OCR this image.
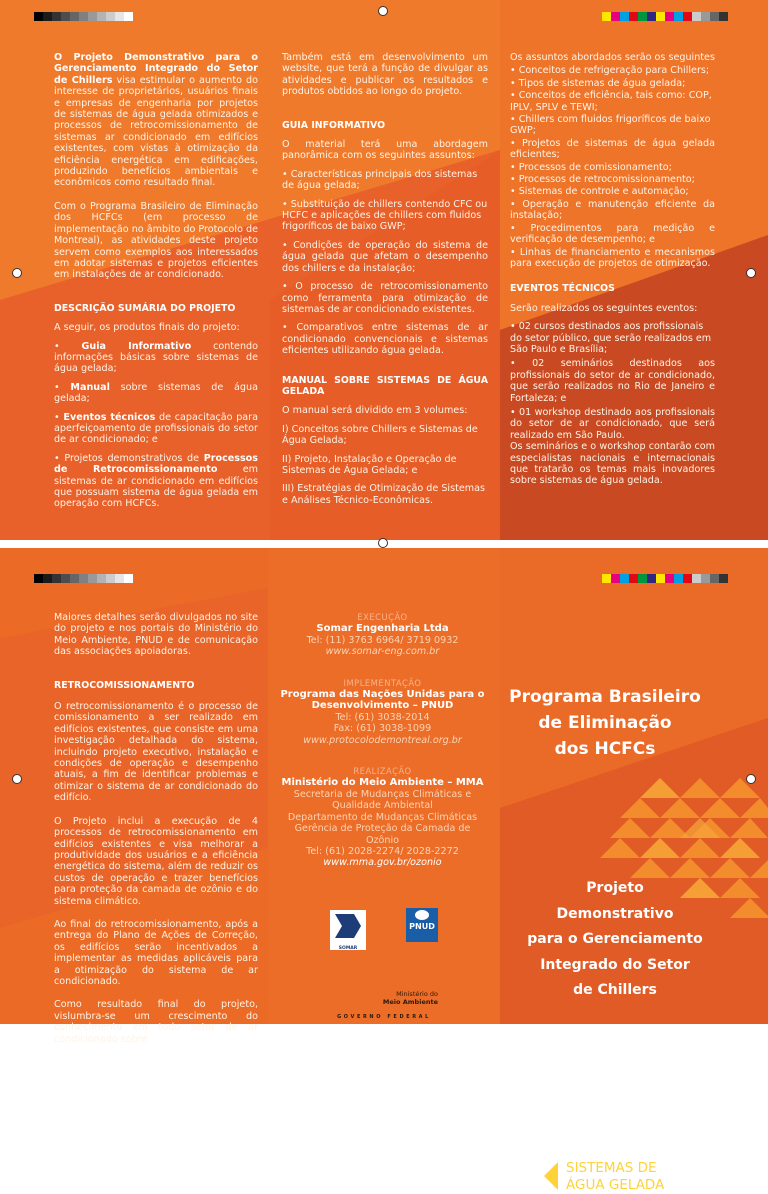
O Projeto Demonstrativo para o Gerenciamento Integrado do Setor de Chillers visa estimular o aumento do interesse de proprietários, usuários finais e empresas de engenharia por projetos de sistemas de água gelada otimizados e processos de retrocomissionamento de sistemas ar condicionado em edifícios existentes, com vistas à otimização da eficiência energética em edificações, produzindo benefícios ambientais e econômicos como resultado final.

Com o Programa Brasileiro de Eliminação dos HCFCs (em processo de implementação no âmbito do Protocolo de Montreal), as atividades deste projeto servem como exemplos aos interessados em adotar sistemas e projetos eficientes em instalações de ar condicionado.

DESCRIÇÃO SUMÁRIA DO PROJETO

A seguir, os produtos finais do projeto:

• Guia Informativo contendo informações básicas sobre sistemas de água gelada;

• Manual sobre sistemas de água gelada;

• Eventos técnicos de capacitação para aperfeiçoamento de profissionais do setor de ar condicionado; e

• Projetos demonstrativos de Processos de Retrocomissionamento em sistemas de ar condicionado em edifícios que possuam sistema de água gelada em operação com HCFCs.

Também está em desenvolvimento um website, que terá a função de divulgar as atividades e publicar os resultados e produtos obtidos ao longo do projeto.

GUIA INFORMATIVO

O material terá uma abordagem panorâmica com os seguintes assuntos:

• Características principais dos sistemas de água gelada;

• Substituição de chillers contendo CFC ou HCFC e aplicações de chillers com fluidos frigoríficos de baixo GWP;

• Condições de operação do sistema de água gelada que afetam o desempenho dos chillers e da instalação;

• O processo de retrocomissionamento como ferramenta para otimização de sistemas de ar condicionado existentes.

• Comparativos entre sistemas de ar condicionado convencionais e sistemas eficientes utilizando água gelada.

MANUAL SOBRE SISTEMAS DE ÁGUA GELADA

O manual será dividido em 3 volumes:

I) Conceitos sobre Chillers e Sistemas de Água Gelada;

II) Projeto, Instalação e Operação de Sistemas de Água Gelada; e

III) Estratégias de Otimização de Sistemas e Análises Técnico-Econômicas.

Os assuntos abordados serão os seguintes

• Conceitos de refrigeração para Chillers;

• Tipos de sistemas de água gelada;

• Conceitos de eficiência, tais como: COP, IPLV, SPLV e TEWI;

• Chillers com fluidos frigoríficos de baixo GWP;

• Projetos de sistemas de água gelada eficientes;

• Processos de comissionamento;

• Processos de retrocomissionamento;

• Sistemas de controle e automação;

• Operação e manutenção eficiente da instalação;

• Procedimentos para medição e verificação de desempenho; e

• Linhas de financiamento e mecanismos para execução de projetos de otimização.

EVENTOS TÉCNICOS

Serão realizados os seguintes eventos:

• 02 cursos destinados aos profissionais do setor público, que serão realizados em São Paulo e Brasília;

• 02 seminários destinados aos profissionais do setor de ar condicionado, que serão realizados no Rio de Janeiro e Fortaleza; e

• 01 workshop destinado aos profissionais do setor de ar condicionado, que será realizado em São Paulo.

Os seminários e o workshop contarão com especialistas nacionais e internacionais que tratarão os temas mais inovadores sobre sistemas de água gelada.

Maiores detalhes serão divulgados no site do projeto e nos portais do Ministério do Meio Ambiente, PNUD e de comunicação das associações apoiadoras.

RETROCOMISSIONAMENTO

O retrocomissionamento é o processo de comissionamento a ser realizado em edifícios existentes, que consiste em uma investigação detalhada do sistema, incluindo projeto executivo, instalação e condições de operação e desempenho atuais, a fim de identificar problemas e otimizar o sistema de ar condicionado do edifício.

O Projeto inclui a execução de 4 processos de retrocomissionamento em edifícios existentes e visa melhorar a produtividade dos usuários e a eficiência energética do sistema, além de reduzir os custos de operação e trazer benefícios para proteção da camada de ozônio e do sistema climático.

Ao final do retrocomissionamento, após a entrega do Plano de Ações de Correção, os edifícios serão incentivados a implementar as medidas aplicáveis para a otimização do sistema de ar condicionado.

Como resultado final do projeto, vislumbra-se um crescimento do conhecimento em todo setor de ar condicionado sobre

EXECUÇÃO
Somar Engenharia Ltda
Tel: (11) 3763 6964/ 3719 0932
www.somar-eng.com.br
IMPLEMENTAÇÃO
Programa das Nações Unidas para o Desenvolvimento – PNUD
Tel: (61) 3038-2014
Fax: (61) 3038-1099
www.protocolodemontreal.org.br
REALIZAÇÃO
Ministério do Meio Ambiente – MMA
Secretaria de Mudanças Climáticas e
Qualidade Ambiental
Departamento de Mudanças Climáticas
Gerência de Proteção da Camada de Ozônio
Tel: (61) 2028-2274/ 2028-2272
www.mma.gov.br/ozonio
SOMAR
PNUD
Ministério do
Meio Ambiente
GOVERNO FEDERAL
SISTEMAS DE
ÁGUA GELADA
Programa Brasileiro
de Eliminação
dos HCFCs
Projeto
Demonstrativo
para o Gerenciamento
Integrado do Setor
de Chillers
